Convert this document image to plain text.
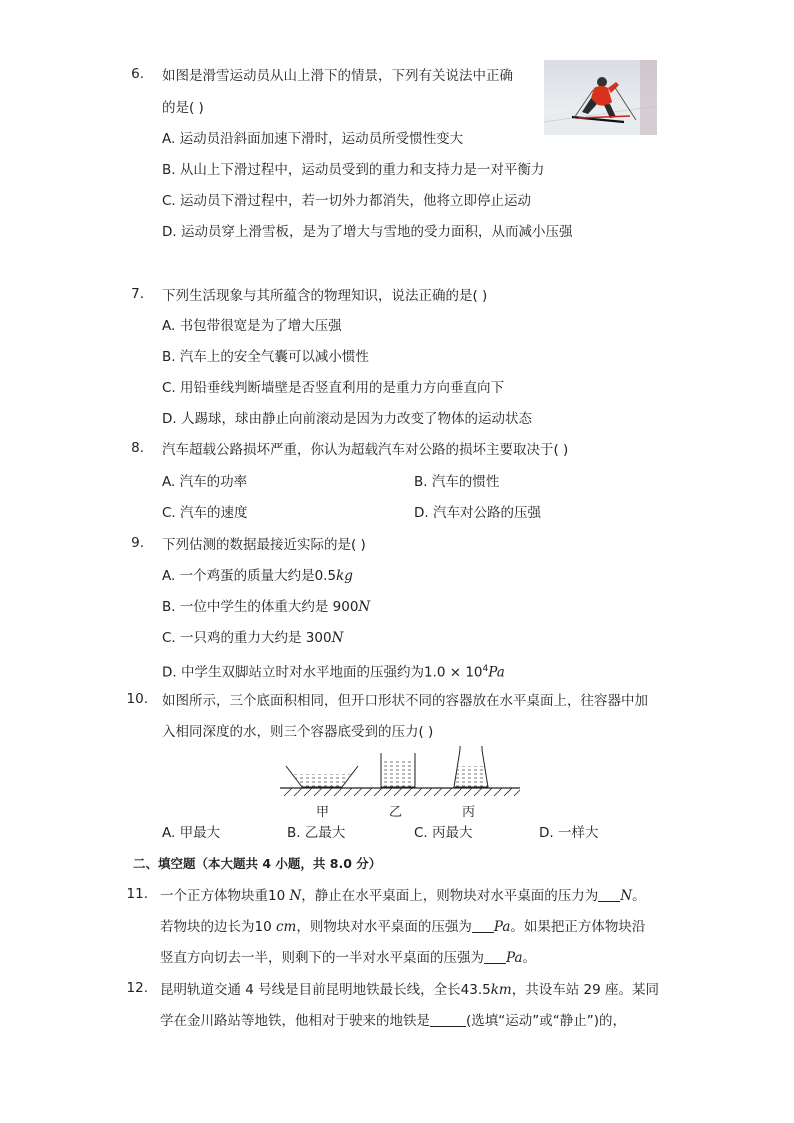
6. 如图是滑雪运动员从山上滑下的情景，下列有关说法中正确
的是( )
A. 运动员沿斜面加速下滑时，运动员所受惯性变大
B. 从山上下滑过程中，运动员受到的重力和支持力是一对平衡力
C. 运动员下滑过程中，若一切外力都消失，他将立即停止运动
D. 运动员穿上滑雪板，是为了增大与雪地的受力面积，从而减小压强
7. 下列生活现象与其所蕴含的物理知识，说法正确的是( )
A. 书包带很宽是为了增大压强
B. 汽车上的安全气囊可以减小惯性
C. 用铅垂线判断墙壁是否竖直利用的是重力方向垂直向下
D. 人踢球，球由静止向前滚动是因为力改变了物体的运动状态
8. 汽车超载公路损坏严重，你认为超载汽车对公路的损坏主要取决于( )
A. 汽车的功率	B. 汽车的惯性
C. 汽车的速度	D. 汽车对公路的压强
9. 下列估测的数据最接近实际的是( )
A. 一个鸡蛋的质量大约是0.5kg
B. 一位中学生的体重大约是 900N
C. 一只鸡的重力大约是 300N
D. 中学生双脚站立时对水平地面的压强约为$1.0 \times 10^4Pa$
10. 如图所示，三个底面积相同，但开口形状不同的容器放在水平桌面上，往容器中加
入相同深度的水，则三个容器底受到的压力( )
甲	乙	丙
A. 甲最大	B. 乙最大	C. 丙最大	D. 一样大
二、填空题（本大题共 4 小题，共 8.0 分）
11. 一个正方体物块重10 N，静止在水平桌面上，则物块对水平桌面的压力为 N。
若物块的边长为10 cm，则物块对水平桌面的压强为 Pa。如果把正方体物块沿
竖直方向切去一半，则剩下的一半对水平桌面的压强为 Pa。
12. 昆明轨道交通 4 号线是目前昆明地铁最长线，全长43.5km，共设车站 29 座。某同
学在金川路站等地铁，他相对于驶来的地铁是	(选填“运动”或“静止”)的，
